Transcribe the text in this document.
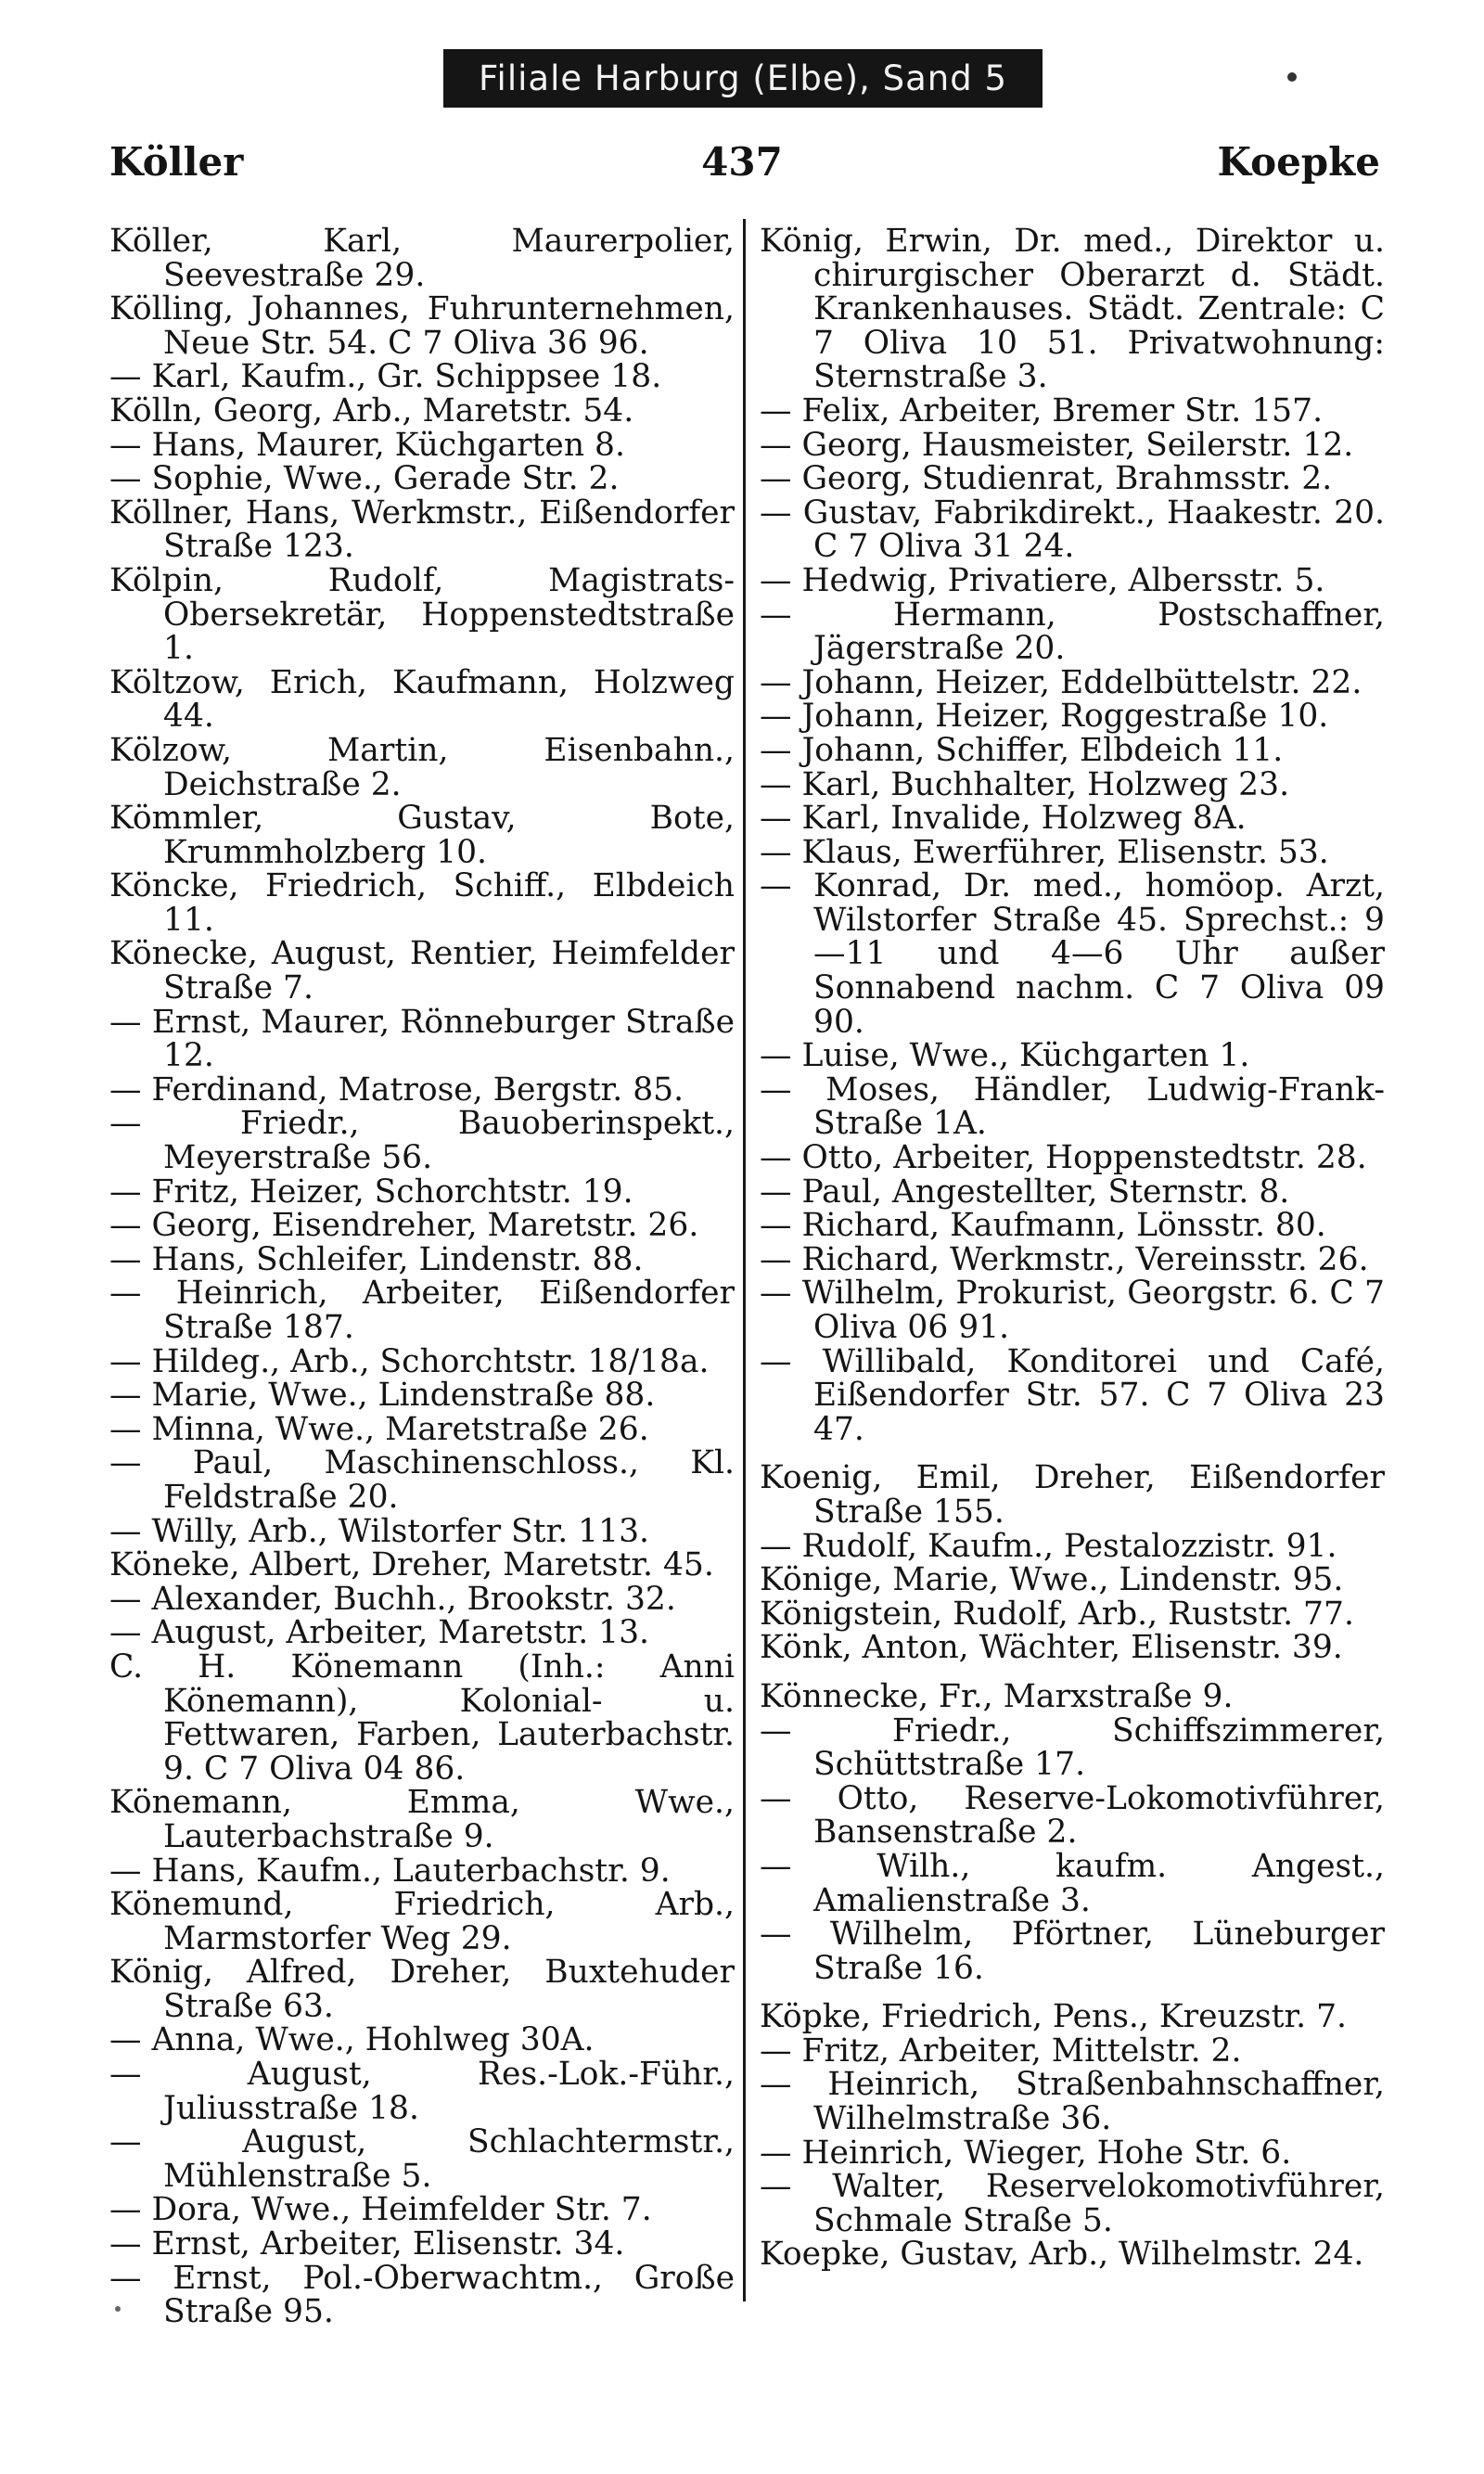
Filiale Harburg (Elbe), Sand 5
Köller	437	Koepke

Köller, Karl, Maurerpolier, Seevestraße 29.

Kölling, Johannes, Fuhrunternehmen, Neue Str. 54. C 7 Oliva 36 96.

— Karl, Kaufm., Gr. Schippsee 18.

Kölln, Georg, Arb., Maretstr. 54.

— Hans, Maurer, Küchgarten 8.

— Sophie, Wwe., Gerade Str. 2.

Köllner, Hans, Werkmstr., Eißendorfer Straße 123.

Kölpin, Rudolf, Magistrats-Obersekretär, Hoppenstedtstraße 1.

Költzow, Erich, Kaufmann, Holzweg 44.

Kölzow, Martin, Eisenbahn., Deichstraße 2.

Kömmler, Gustav, Bote, Krummholzberg 10.

Köncke, Friedrich, Schiff., Elbdeich 11.

Könecke, August, Rentier, Heimfelder Straße 7.

— Ernst, Maurer, Rönneburger Straße 12.

— Ferdinand, Matrose, Bergstr. 85.

— Friedr., Bauoberinspekt., Meyerstraße 56.

— Fritz, Heizer, Schorchtstr. 19.

— Georg, Eisendreher, Maretstr. 26.

— Hans, Schleifer, Lindenstr. 88.

— Heinrich, Arbeiter, Eißendorfer Straße 187.

— Hildeg., Arb., Schorchtstr. 18/18a.

— Marie, Wwe., Lindenstraße 88.

— Minna, Wwe., Maretstraße 26.

— Paul, Maschinenschloss., Kl. Feldstraße 20.

— Willy, Arb., Wilstorfer Str. 113.

Köneke, Albert, Dreher, Maretstr. 45.

— Alexander, Buchh., Brookstr. 32.

— August, Arbeiter, Maretstr. 13.

C. H. Könemann (Inh.: Anni Könemann), Kolonial- u. Fettwaren, Farben, Lauterbachstr. 9. C 7 Oliva 04 86.

Könemann, Emma, Wwe., Lauterbachstraße 9.

— Hans, Kaufm., Lauterbachstr. 9.

Könemund, Friedrich, Arb., Marmstorfer Weg 29.

König, Alfred, Dreher, Buxtehuder Straße 63.

— Anna, Wwe., Hohlweg 30A.

— August, Res.-Lok.-Führ., Juliusstraße 18.

— August, Schlachtermstr., Mühlenstraße 5.

— Dora, Wwe., Heimfelder Str. 7.

— Ernst, Arbeiter, Elisenstr. 34.

— Ernst, Pol.-Oberwachtm., Große Straße 95.

König, Erwin, Dr. med., Direktor u. chirurgischer Oberarzt d. Städt. Krankenhauses. Städt. Zentrale: C 7 Oliva 10 51. Privatwohnung: Sternstraße 3.

— Felix, Arbeiter, Bremer Str. 157.

— Georg, Hausmeister, Seilerstr. 12.

— Georg, Studienrat, Brahmsstr. 2.

— Gustav, Fabrikdirekt., Haakestr. 20. C 7 Oliva 31 24.

— Hedwig, Privatiere, Albersstr. 5.

— Hermann, Postschaffner, Jägerstraße 20.

— Johann, Heizer, Eddelbüttelstr. 22.

— Johann, Heizer, Roggestraße 10.

— Johann, Schiffer, Elbdeich 11.

— Karl, Buchhalter, Holzweg 23.

— Karl, Invalide, Holzweg 8A.

— Klaus, Ewerführer, Elisenstr. 53.

— Konrad, Dr. med., homöop. Arzt, Wilstorfer Straße 45. Sprechst.: 9—11 und 4—6 Uhr außer Sonnabend nachm. C 7 Oliva 09 90.

— Luise, Wwe., Küchgarten 1.

— Moses, Händler, Ludwig-Frank-Straße 1A.

— Otto, Arbeiter, Hoppenstedtstr. 28.

— Paul, Angestellter, Sternstr. 8.

— Richard, Kaufmann, Lönsstr. 80.

— Richard, Werkmstr., Vereinsstr. 26.

— Wilhelm, Prokurist, Georgstr. 6. C 7 Oliva 06 91.

— Willibald, Konditorei und Café, Eißendorfer Str. 57. C 7 Oliva 23 47.

Koenig, Emil, Dreher, Eißendorfer Straße 155.

— Rudolf, Kaufm., Pestalozzistr. 91.

Könige, Marie, Wwe., Lindenstr. 95.

Königstein, Rudolf, Arb., Ruststr. 77.

Könk, Anton, Wächter, Elisenstr. 39.

Könnecke, Fr., Marxstraße 9.

— Friedr., Schiffszimmerer, Schüttstraße 17.

— Otto, Reserve-Lokomotivführer, Bansenstraße 2.

— Wilh., kaufm. Angest., Amalienstraße 3.

— Wilhelm, Pförtner, Lüneburger Straße 16.

Köpke, Friedrich, Pens., Kreuzstr. 7.

— Fritz, Arbeiter, Mittelstr. 2.

— Heinrich, Straßenbahnschaffner, Wilhelmstraße 36.

— Heinrich, Wieger, Hohe Str. 6.

— Walter, Reservelokomotivführer, Schmale Straße 5.

Koepke, Gustav, Arb., Wilhelmstr. 24.
